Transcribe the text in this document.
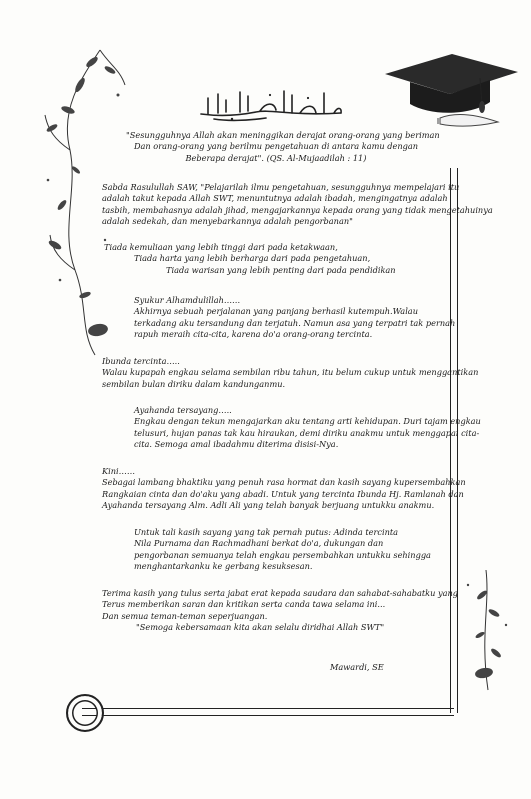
"Sesungguhnya Allah akan meninggikan derajat orang-orang yang beriman
Dan orang-orang yang berilmu pengetahuan di antara kamu dengan
Beberapa derajat". (QS. Al-Mujaadilah : 11)
Sabda Rasulullah SAW, "Pelajarilah ilmu pengetahuan, sesungguhnya mempelajari itu
adalah takut kepada Allah SWT, menuntutnya adalah ibadah, mengingatnya adalah
tasbih, membahasnya adalah jihad, mengajarkannya kepada orang yang tidak mengetahuinya
adalah sedekah, dan menyebarkannya adalah pengorbanan"
Tiada kemuliaan yang lebih tinggi dari pada ketakwaan,
Tiada harta yang lebih berharga dari pada pengetahuan,
Tiada warisan yang lebih penting dari pada pendidikan
Syukur Alhamdulillah……
Akhirnya sebuah perjalanan yang panjang berhasil kutempuh.Walau
terkadang aku tersandung dan terjatuh. Namun asa yang terpatri tak pernah
rapuh meraih cita-cita, karena do'a orang-orang tercinta.
Ibunda tercinta…..
Walau kupapah engkau selama sembilan ribu tahun, itu belum cukup untuk menggantikan
sembilan bulan diriku dalam kandunganmu.
Ayahanda tersayang…..
Engkau dengan tekun mengajarkan aku tentang arti kehidupan. Duri tajam engkau
telusuri, hujan panas tak kau hiraukan, demi diriku anakmu untuk menggapai cita-
cita. Semoga amal ibadahmu diterima disisi-Nya.
Kini……
Sebagai lambang bhaktiku yang penuh rasa hormat dan kasih sayang kupersembahkan
Rangkaian cinta dan do'aku yang abadi. Untuk yang tercinta Ibunda Hj. Ramlanah dan
Ayahanda tersayang Alm. Adli Ali yang telah banyak berjuang untukku anakmu.
Untuk tali kasih sayang yang tak pernah putus: Adinda tercinta
Nila Purnama dan Rachmadhani berkat do'a, dukungan dan
pengorbanan semuanya telah engkau persembahkan untukku sehingga
menghantarkanku ke gerbang kesuksesan.
Terima kasih yang tulus serta jabat erat kepada saudara dan sahabat-sahabatku yang
Terus memberikan saran dan kritikan serta canda tawa selama ini...
Dan semua teman-teman seperjuangan.
"Semoga kebersamaan kita akan selalu diridhai Allah SWT"
Mawardi, SE
